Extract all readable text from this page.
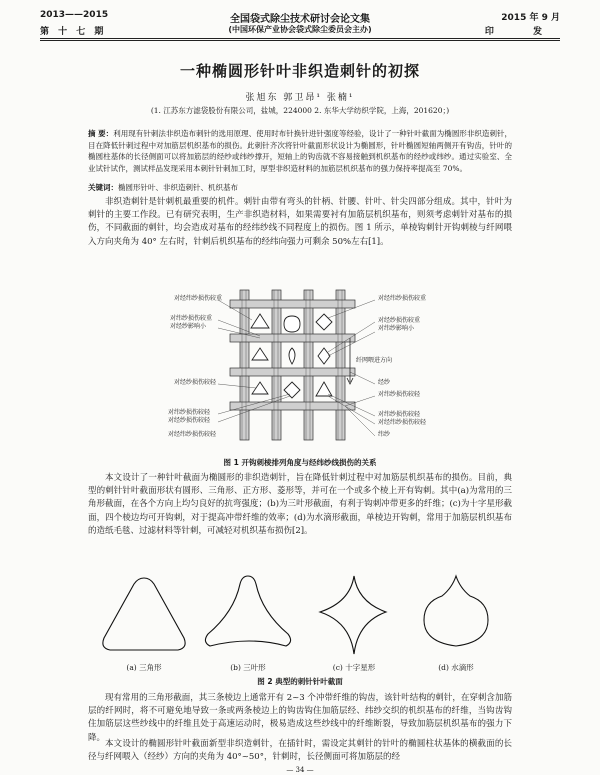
2013——2015
第 十 七 期
全国袋式除尘技术研讨会论文集
(中国环保产业协会袋式除尘委员会主办)
2015 年 9 月
印 发
一种椭圆形针叶非织造刺针的初探
张旭东 郭卫昂¹ 张楠¹
(1. 江苏东方滤袋股份有限公司，盐城，224000 2. 东华大学纺织学院，上海，201620；)
摘 要：利用现有针刺法非织造布刺针的选用原理、使用时布针换针进针强度等经验，设计了一种针叶截面为椭圆形非织造刺针，目在降低针刺过程中对加筋层机织基布的损伤。此刺针齐次将针叶截面形状设计为椭圆形，针叶椭圆短轴两侧开有钩齿，针叶的椭圆柱基体的长径侧面可以将加筋层的经纱或纬纱撑开，短轴上的钩齿就不容易接触到机织基布的经纱或纬纱。通过实验室、全业试针试作，测试样品发现采用本刺针针刺加工时，厚型非织造材料的加筋层机织基布的强力保持率提高至 70%。
关键词：椭圆形针叶、非织造刺针、机织基布

非织造刺针是针刺机最重要的机件。刺针由带有弯头的针柄、针腰、针叶、针尖四部分组成。其中，针叶为刺针的主要工作段。已有研究表明，生产非织造材料，如果需要衬有加筋层机织基布，则须考虑刺针对基布的损伤，不同截面的刺针，均会造成对基布的经纬纱线不同程度上的损伤。图 1 所示，单棱钩刺针开钩刺棱与纤网喂入方向夹角为 40° 左右时，针刺后机织基布的经纬向强力可剩余 50%左右[1]。

对经纬纱损伤较重
对纬纱损伤较重
对经纱影响小
对经纬纱损伤较重
对经纱损伤较重
对纬纱影响小
对经纱损伤较轻
对纬纱损伤较轻
对经纱损伤较轻
纤网喂进方向
经纱
对纬纱损伤较轻
对纬纱损伤较轻
对经纬纱损伤较轻
纬纱
对经纬纱损伤较轻
图 1 开钩刺棱排列角度与经纬纱线损伤的关系

本文设计了一种针叶截面为椭圆形的非织造刺针，旨在降低针刺过程中对加筋层机织基布的损伤。目前，典型的刺针针叶截面形状有圆形、三角形、正方形、菱形等，并可在一个或多个棱上开有钩刺。其中(a)为常用的三角形截面，在各个方向上均匀良好的抗弯强度；(b)为三叶形截面，有利于钩刺冲带更多的纤维；(c)为十字星形截面，四个棱边均可开钩刺，对于提高冲带纤维的效率；(d)为水滴形截面，单棱边开钩刺，常用于加筋层机织基布的造纸毛毯、过滤材料等针刺，可减轻对机织基布损伤[2]。

(a) 三角形	(b) 三叶形	(c) 十字星形	(d) 水滴形
图 2 典型的刺针针叶截面

现有常用的三角形截面，其三条棱边上通常开有 2~3 个冲带纤维的钩齿，该针叶结构的刺针，在穿刺含加筋层的纤网时，将不可避免地导致一条或两条棱边上的钩齿钩住加筋层经、纬纱交织的机织基布的纤维，当钩齿钩住加筋层这些纱线中的纤维且处于高速运动时，极易造成这些纱线中的纤维断裂，导致加筋层机织基布的强力下降。

本文设计的椭圆形针叶截面新型非织造刺针，在插针时，需设定其刺针的针叶的椭圆柱状基体的横截面的长径与纤网喂入（经纱）方向的夹角为 40°~50°，针刺时，长径侧面可将加筋层的经

— 34 —
